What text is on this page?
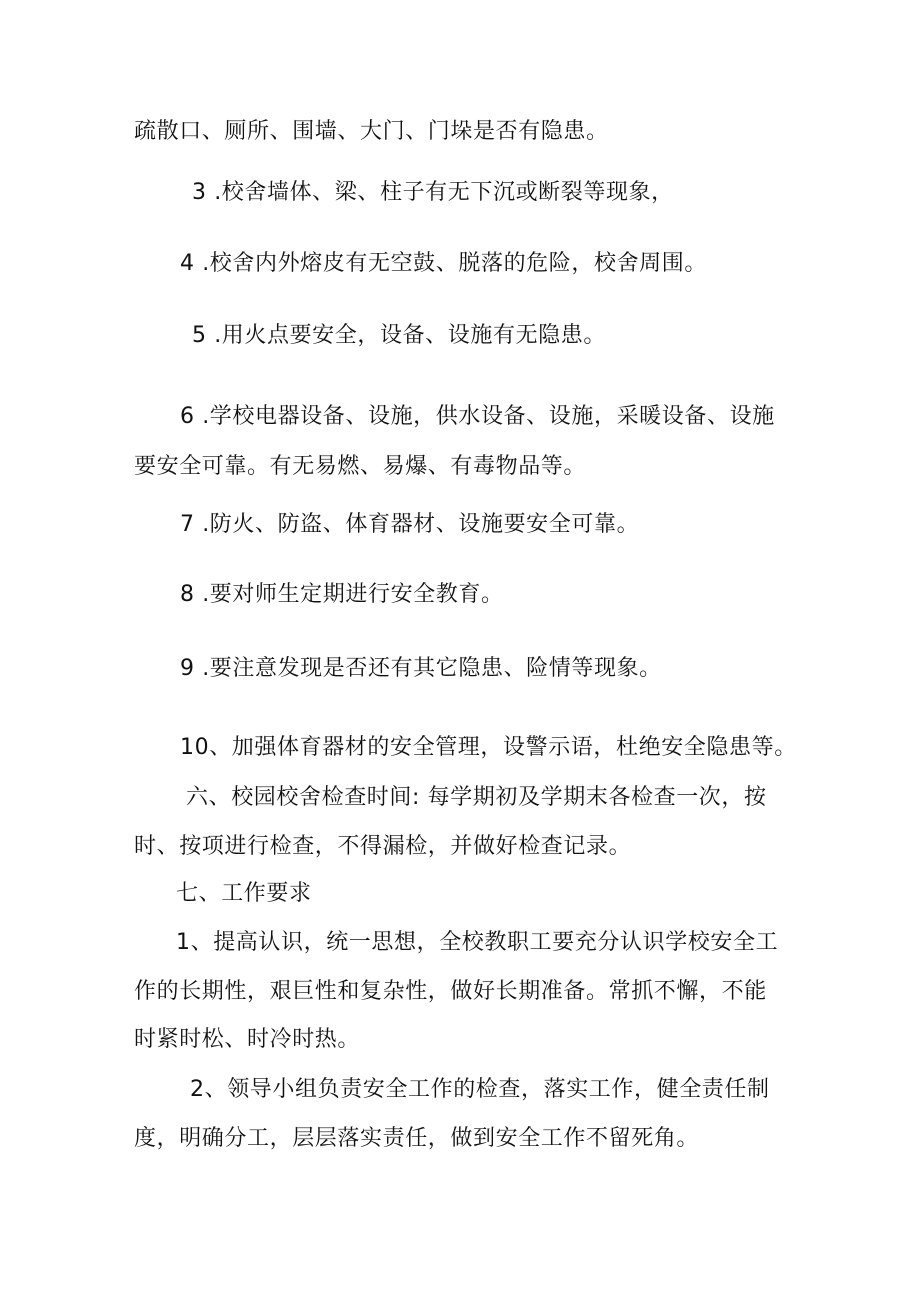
疏散口、厕所、围墙、大门、门垛是否有隐患。
3 .校舍墙体、梁、柱子有无下沉或断裂等现象，
4 .校舍内外熔皮有无空鼓、脱落的危险，校舍周围。
5 .用火点要安全，设备、设施有无隐患。
6 .学校电器设备、设施，供水设备、设施，采暖设备、设施
要安全可靠。有无易燃、易爆、有毒物品等。
7 .防火、防盗、体育器材、设施要安全可靠。
8 .要对师生定期进行安全教育。
9 .要注意发现是否还有其它隐患、险情等现象。
10、加强体育器材的安全管理，设警示语，杜绝安全隐患等。
六、校园校舍检查时间: 每学期初及学期末各检查一次，按
时、按项进行检查，不得漏检，并做好检查记录。
七、工作要求
1、提高认识，统一思想，全校教职工要充分认识学校安全工
作的长期性，艰巨性和复杂性，做好长期准备。常抓不懈，不能
时紧时松、时冷时热。
2、领导小组负责安全工作的检查，落实工作，健全责任制
度，明确分工，层层落实责任，做到安全工作不留死角。
